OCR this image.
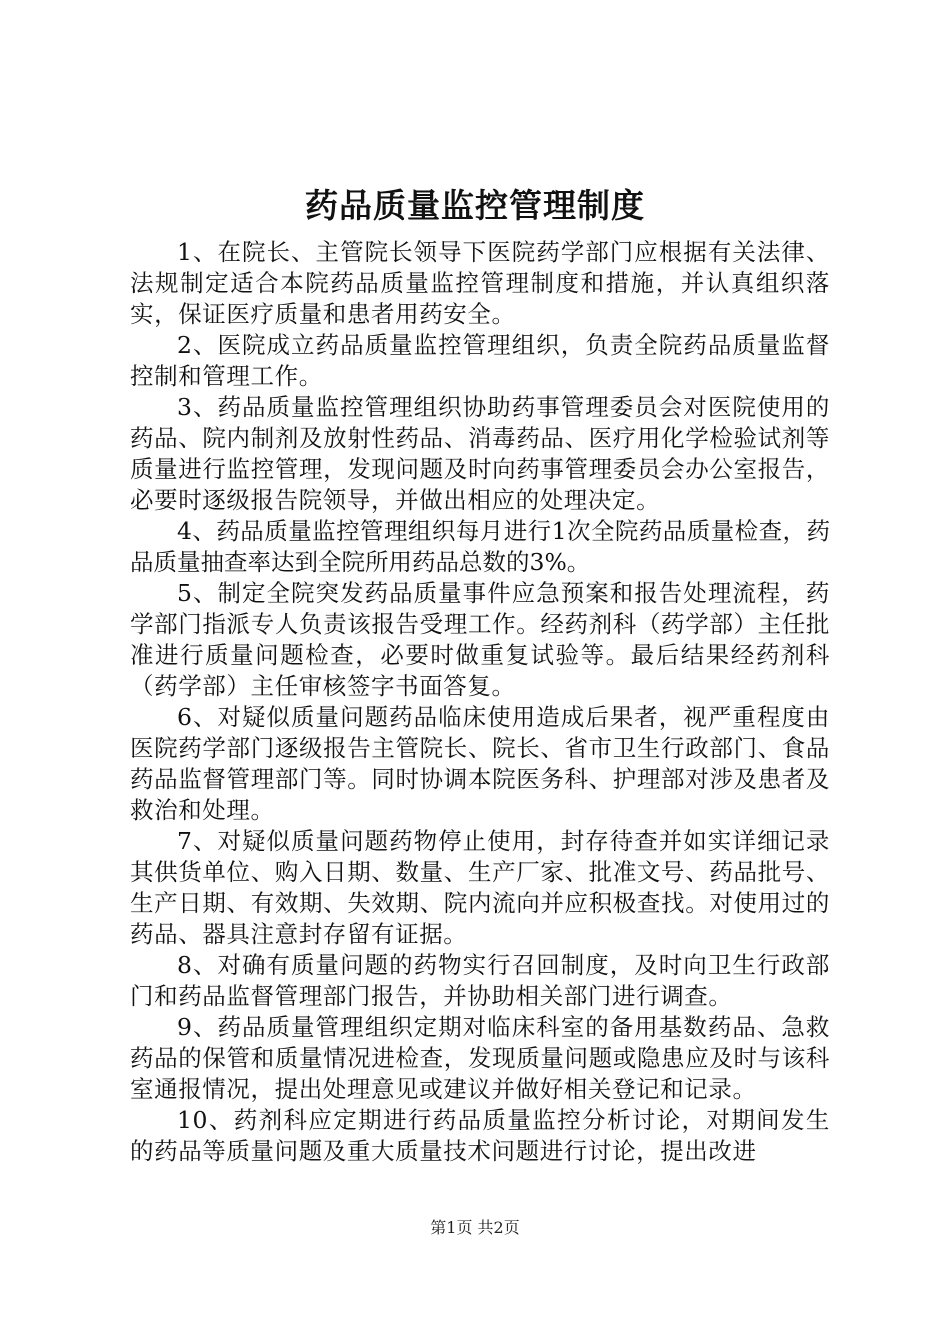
药品质量监控管理制度

1、在院长、主管院长领导下医院药学部门应根据有关法律、法规制定适合本院药品质量监控管理制度和措施，并认真组织落实，保证医疗质量和患者用药安全。

2、医院成立药品质量监控管理组织，负责全院药品质量监督控制和管理工作。

3、药品质量监控管理组织协助药事管理委员会对医院使用的药品、院内制剂及放射性药品、消毒药品、医疗用化学检验试剂等质量进行监控管理，发现问题及时向药事管理委员会办公室报告，必要时逐级报告院领导，并做出相应的处理决定。

4、药品质量监控管理组织每月进行1次全院药品质量检查，药品质量抽查率达到全院所用药品总数的3%。

5、制定全院突发药品质量事件应急预案和报告处理流程，药学部门指派专人负责该报告受理工作。经药剂科（药学部）主任批准进行质量问题检查，必要时做重复试验等。最后结果经药剂科（药学部）主任审核签字书面答复。

6、对疑似质量问题药品临床使用造成后果者，视严重程度由医院药学部门逐级报告主管院长、院长、省市卫生行政部门、食品药品监督管理部门等。同时协调本院医务科、护理部对涉及患者及救治和处理。

7、对疑似质量问题药物停止使用，封存待查并如实详细记录其供货单位、购入日期、数量、生产厂家、批准文号、药品批号、生产日期、有效期、失效期、院内流向并应积极查找。对使用过的药品、器具注意封存留有证据。

8、对确有质量问题的药物实行召回制度，及时向卫生行政部门和药品监督管理部门报告，并协助相关部门进行调查。

9、药品质量管理组织定期对临床科室的备用基数药品、急救药品的保管和质量情况进检查，发现质量问题或隐患应及时与该科室通报情况，提出处理意见或建议并做好相关登记和记录。

10、药剂科应定期进行药品质量监控分析讨论，对期间发生的药品等质量问题及重大质量技术问题进行讨论，提出改进

第1页 共2页
